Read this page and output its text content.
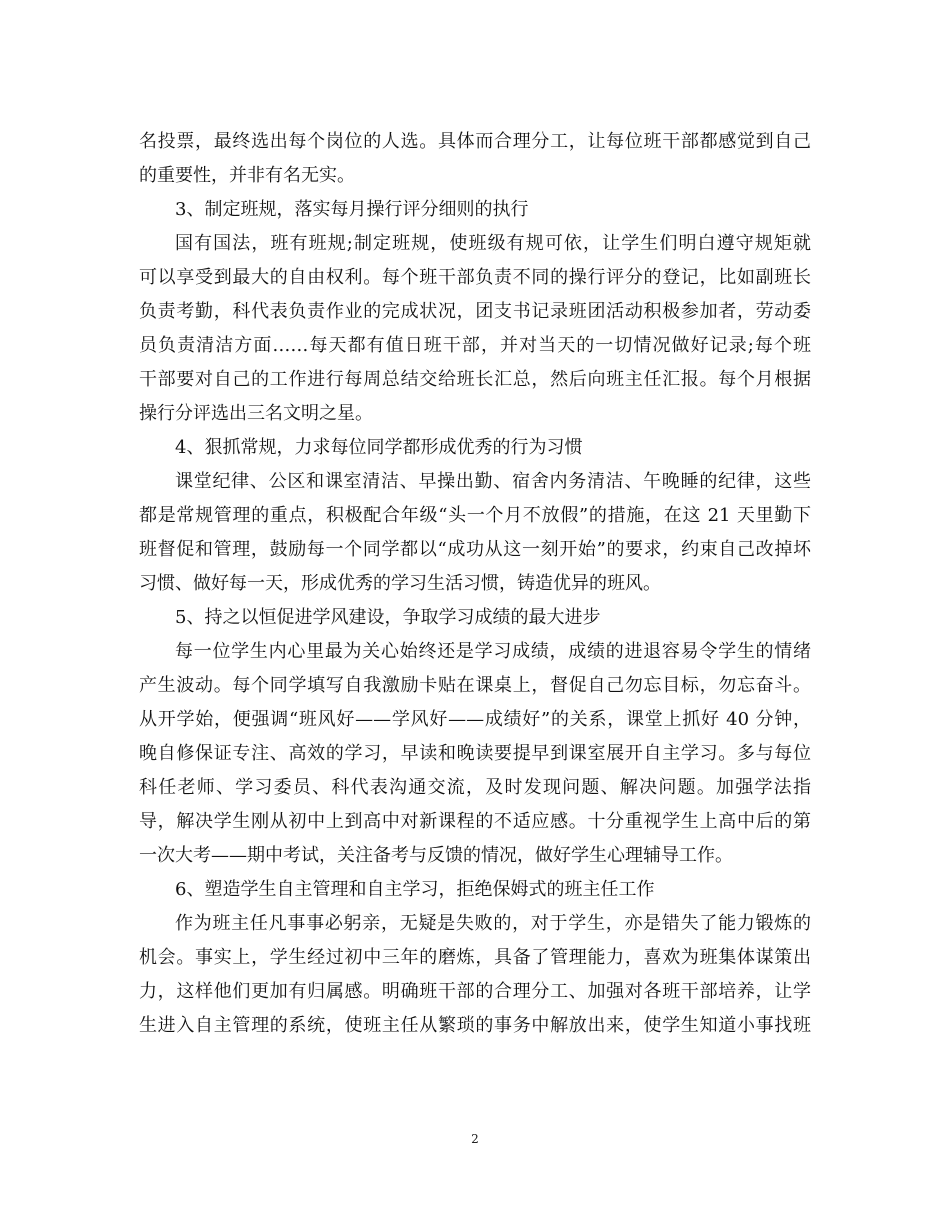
名投票，最终选出每个岗位的人选。具体而合理分工，让每位班干部都感觉到自己
的重要性，并非有名无实。
3、制定班规，落实每月操行评分细则的执行
国有国法，班有班规;制定班规，使班级有规可依，让学生们明白遵守规矩就
可以享受到最大的自由权利。每个班干部负责不同的操行评分的登记，比如副班长
负责考勤，科代表负责作业的完成状况，团支书记录班团活动积极参加者，劳动委
员负责清洁方面……每天都有值日班干部，并对当天的一切情况做好记录;每个班
干部要对自己的工作进行每周总结交给班长汇总，然后向班主任汇报。每个月根据
操行分评选出三名文明之星。
4、狠抓常规，力求每位同学都形成优秀的行为习惯
课堂纪律、公区和课室清洁、早操出勤、宿舍内务清洁、午晚睡的纪律，这些
都是常规管理的重点，积极配合年级“头一个月不放假”的措施，在这 21 天里勤下
班督促和管理，鼓励每一个同学都以“成功从这一刻开始”的要求，约束自己改掉坏
习惯、做好每一天，形成优秀的学习生活习惯，铸造优异的班风。
5、持之以恒促进学风建设，争取学习成绩的最大进步
每一位学生内心里最为关心始终还是学习成绩，成绩的进退容易令学生的情绪
产生波动。每个同学填写自我激励卡贴在课桌上，督促自己勿忘目标，勿忘奋斗。
从开学始，便强调“班风好——学风好——成绩好”的关系，课堂上抓好 40 分钟，
晚自修保证专注、高效的学习，早读和晚读要提早到课室展开自主学习。多与每位
科任老师、学习委员、科代表沟通交流，及时发现问题、解决问题。加强学法指
导，解决学生刚从初中上到高中对新课程的不适应感。十分重视学生上高中后的第
一次大考——期中考试，关注备考与反馈的情况，做好学生心理辅导工作。
6、塑造学生自主管理和自主学习，拒绝保姆式的班主任工作
作为班主任凡事事必躬亲，无疑是失败的，对于学生，亦是错失了能力锻炼的
机会。事实上，学生经过初中三年的磨炼，具备了管理能力，喜欢为班集体谋策出
力，这样他们更加有归属感。明确班干部的合理分工、加强对各班干部培养，让学
生进入自主管理的系统，使班主任从繁琐的事务中解放出来，使学生知道小事找班
2
